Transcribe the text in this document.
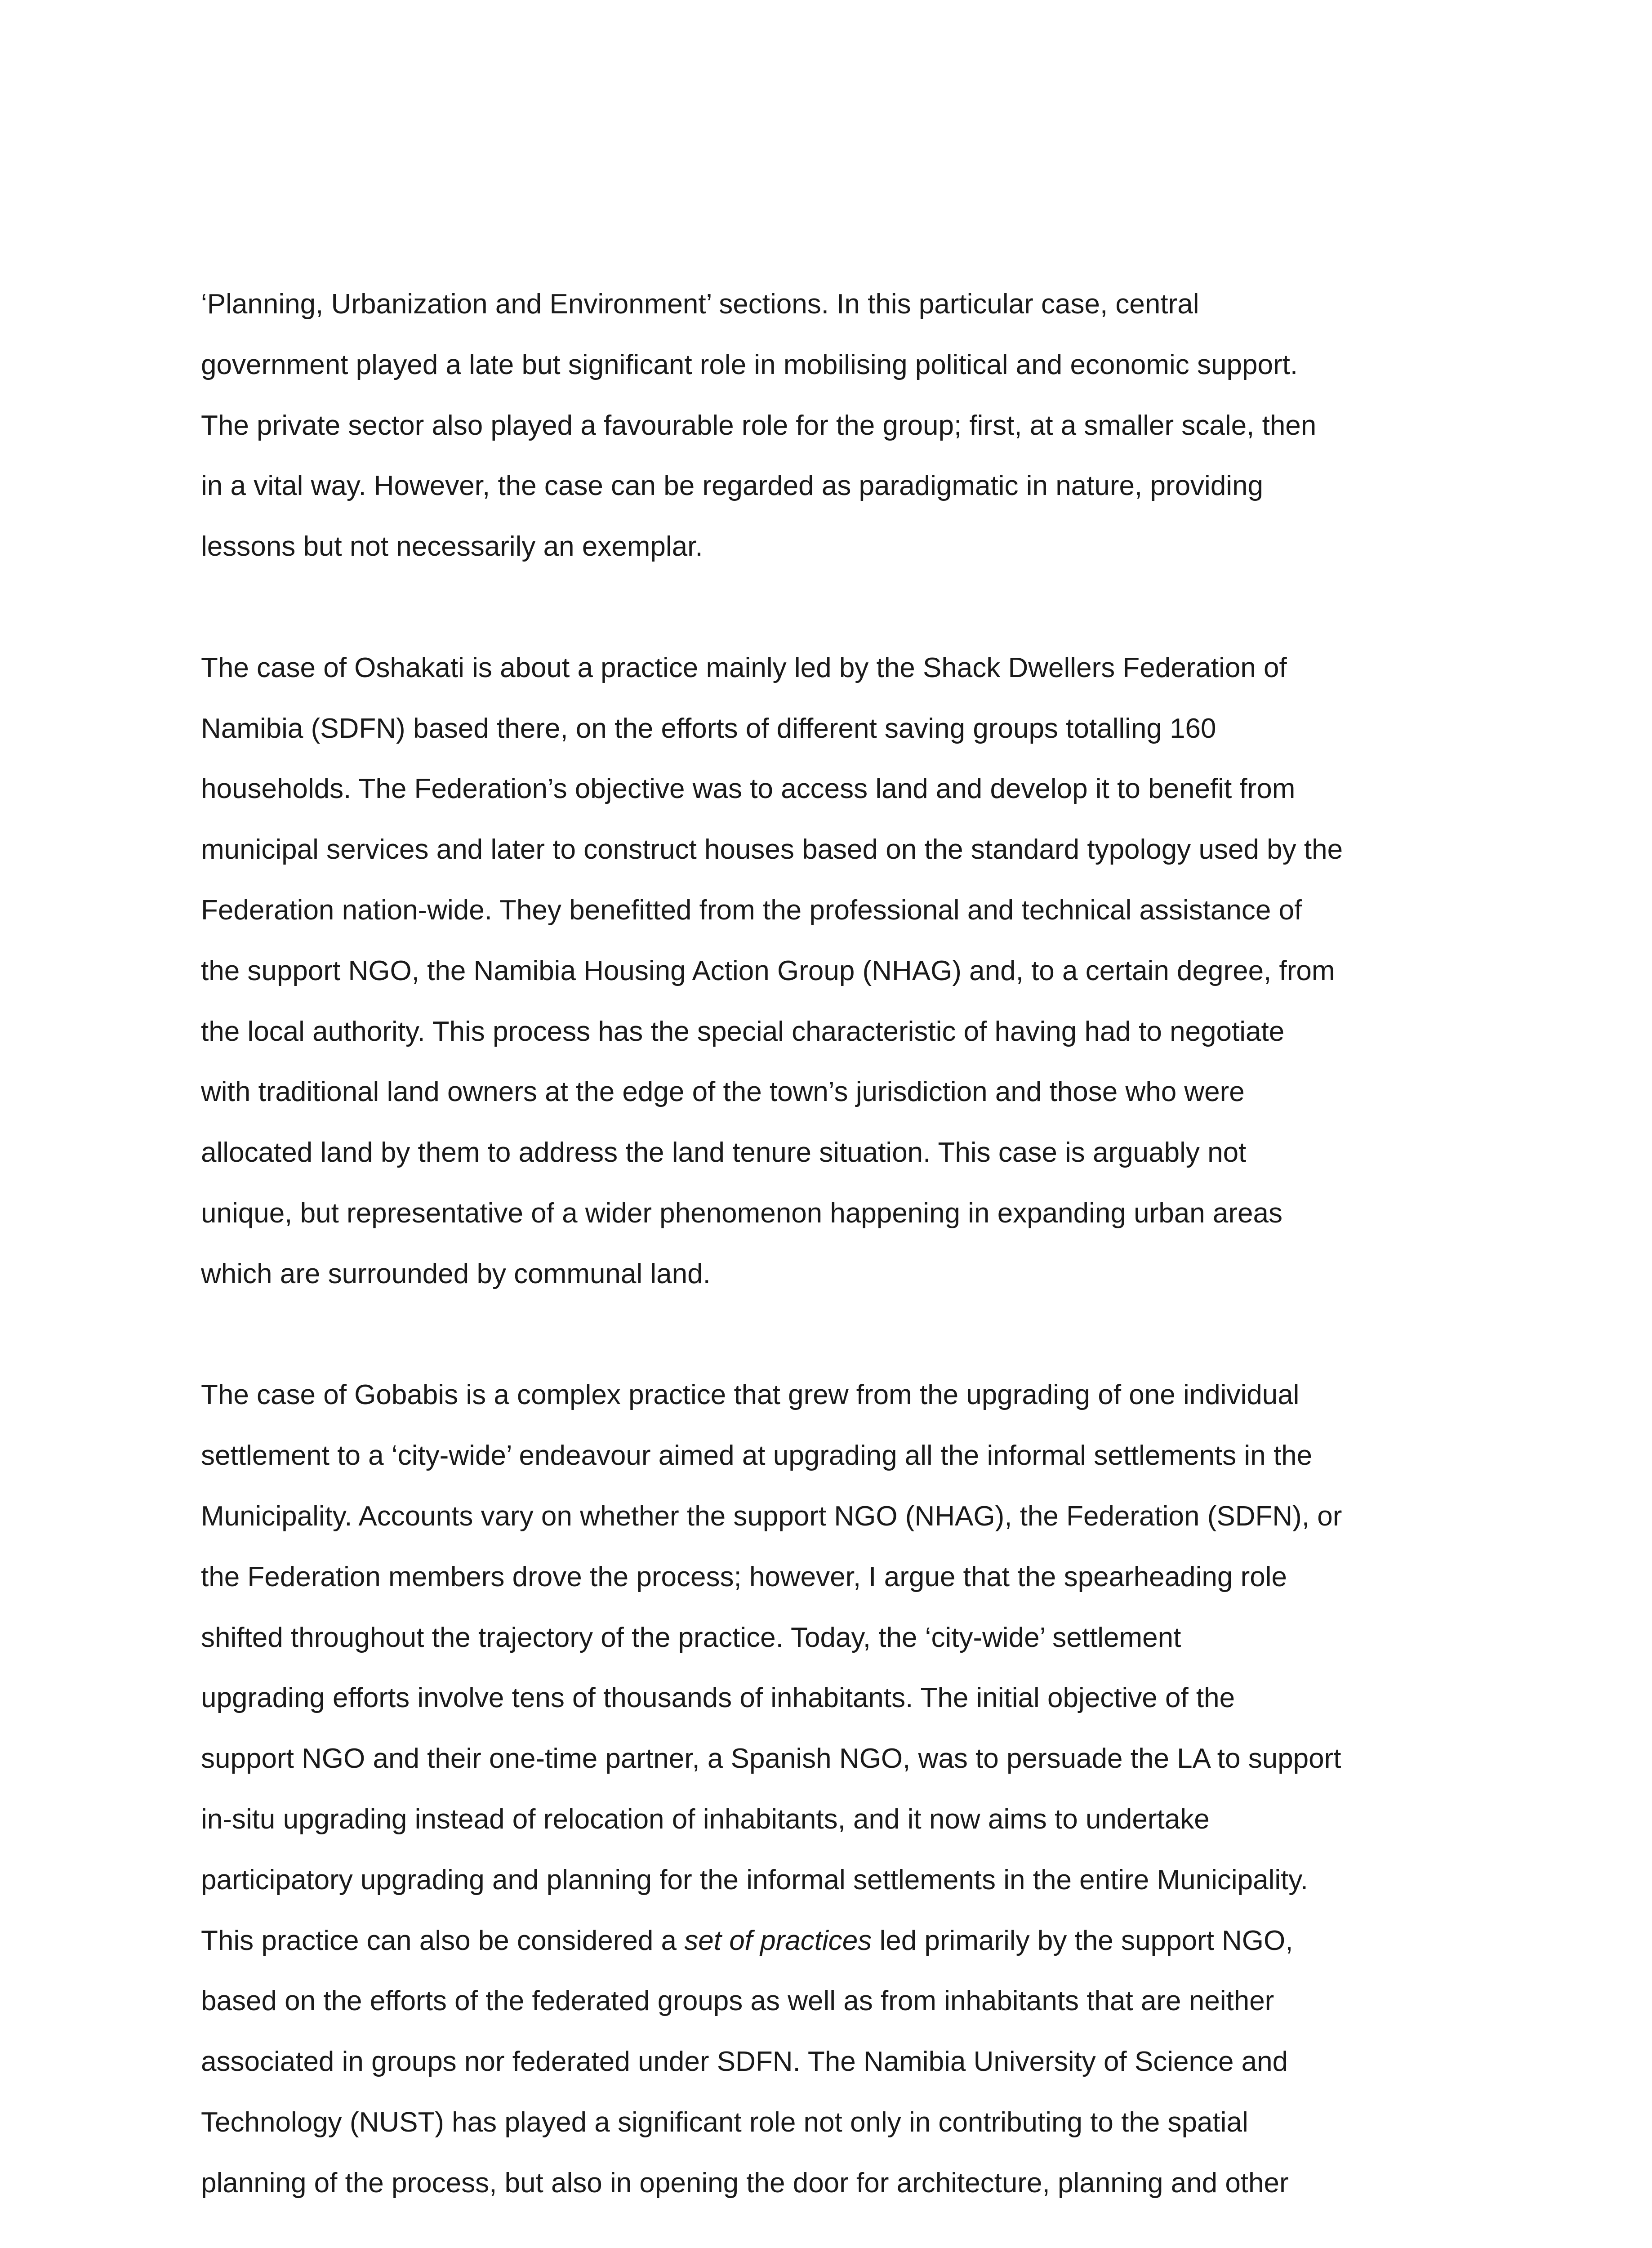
‘Planning, Urbanization and Environment’ sections. In this particular case, central
government played a late but significant role in mobilising political and economic support.
The private sector also played a favourable role for the group; first, at a smaller scale, then
in a vital way. However, the case can be regarded as paradigmatic in nature, providing
lessons but not necessarily an exemplar.

The case of Oshakati is about a practice mainly led by the Shack Dwellers Federation of
Namibia (SDFN) based there, on the efforts of different saving groups totalling 160
households. The Federation’s objective was to access land and develop it to benefit from
municipal services and later to construct houses based on the standard typology used by the
Federation nation-wide. They benefitted from the professional and technical assistance of
the support NGO, the Namibia Housing Action Group (NHAG) and, to a certain degree, from
the local authority. This process has the special characteristic of having had to negotiate
with traditional land owners at the edge of the town’s jurisdiction and those who were
allocated land by them to address the land tenure situation. This case is arguably not
unique, but representative of a wider phenomenon happening in expanding urban areas
which are surrounded by communal land.

The case of Gobabis is a complex practice that grew from the upgrading of one individual
settlement to a ‘city-wide’ endeavour aimed at upgrading all the informal settlements in the
Municipality. Accounts vary on whether the support NGO (NHAG), the Federation (SDFN), or
the Federation members drove the process; however, I argue that the spearheading role
shifted throughout the trajectory of the practice. Today, the ‘city-wide’ settlement
upgrading efforts involve tens of thousands of inhabitants. The initial objective of the
support NGO and their one-time partner, a Spanish NGO, was to persuade the LA to support
in-situ upgrading instead of relocation of inhabitants, and it now aims to undertake
participatory upgrading and planning for the informal settlements in the entire Municipality.
This practice can also be considered a set of practices led primarily by the support NGO,
based on the efforts of the federated groups as well as from inhabitants that are neither
associated in groups nor federated under SDFN. The Namibia University of Science and
Technology (NUST) has played a significant role not only in contributing to the spatial
planning of the process, but also in opening the door for architecture, planning and other
